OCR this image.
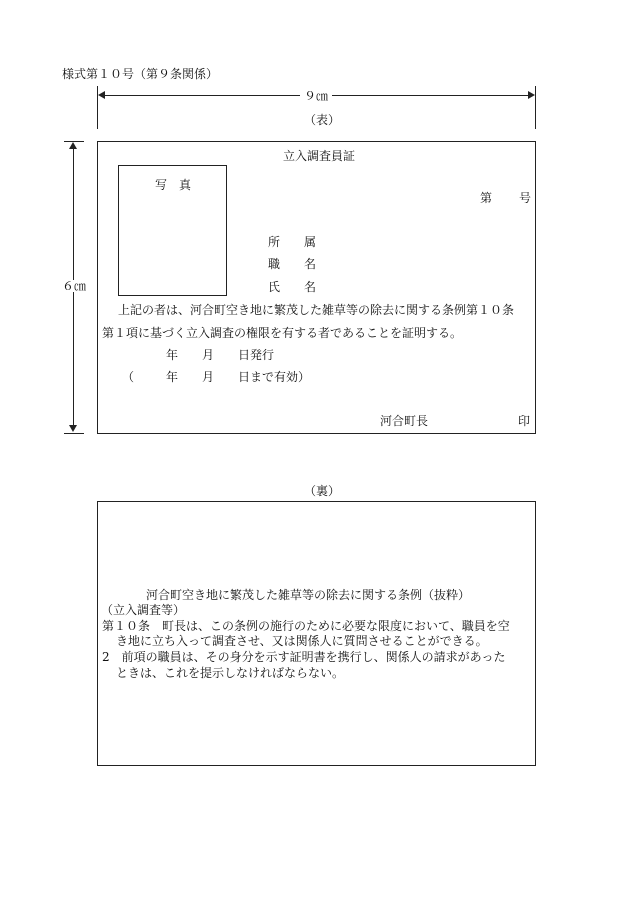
様式第１０号（第９条関係）
９㎝
（表）
６㎝
立入調査員証
写　真
第 号
所　　属
職　　名
氏　　名
上記の者は、河合町空き地に繁茂した雑草等の除去に関する条例第１０条
第１項に基づく立入調査の権限を有する者であることを証明する。
年　　月　　日発行
（	年　　月　　日まで有効）
河合町長	印
（裏）
河合町空き地に繁茂した雑草等の除去に関する条例（抜粋）
（立入調査等）
第１０条　町長は、この条例の施行のために必要な限度において、職員を空
き地に立ち入って調査させ、又は関係人に質問させることができる。
2　前項の職員は、その身分を示す証明書を携行し、関係人の請求があった
ときは、これを提示しなければならない。
